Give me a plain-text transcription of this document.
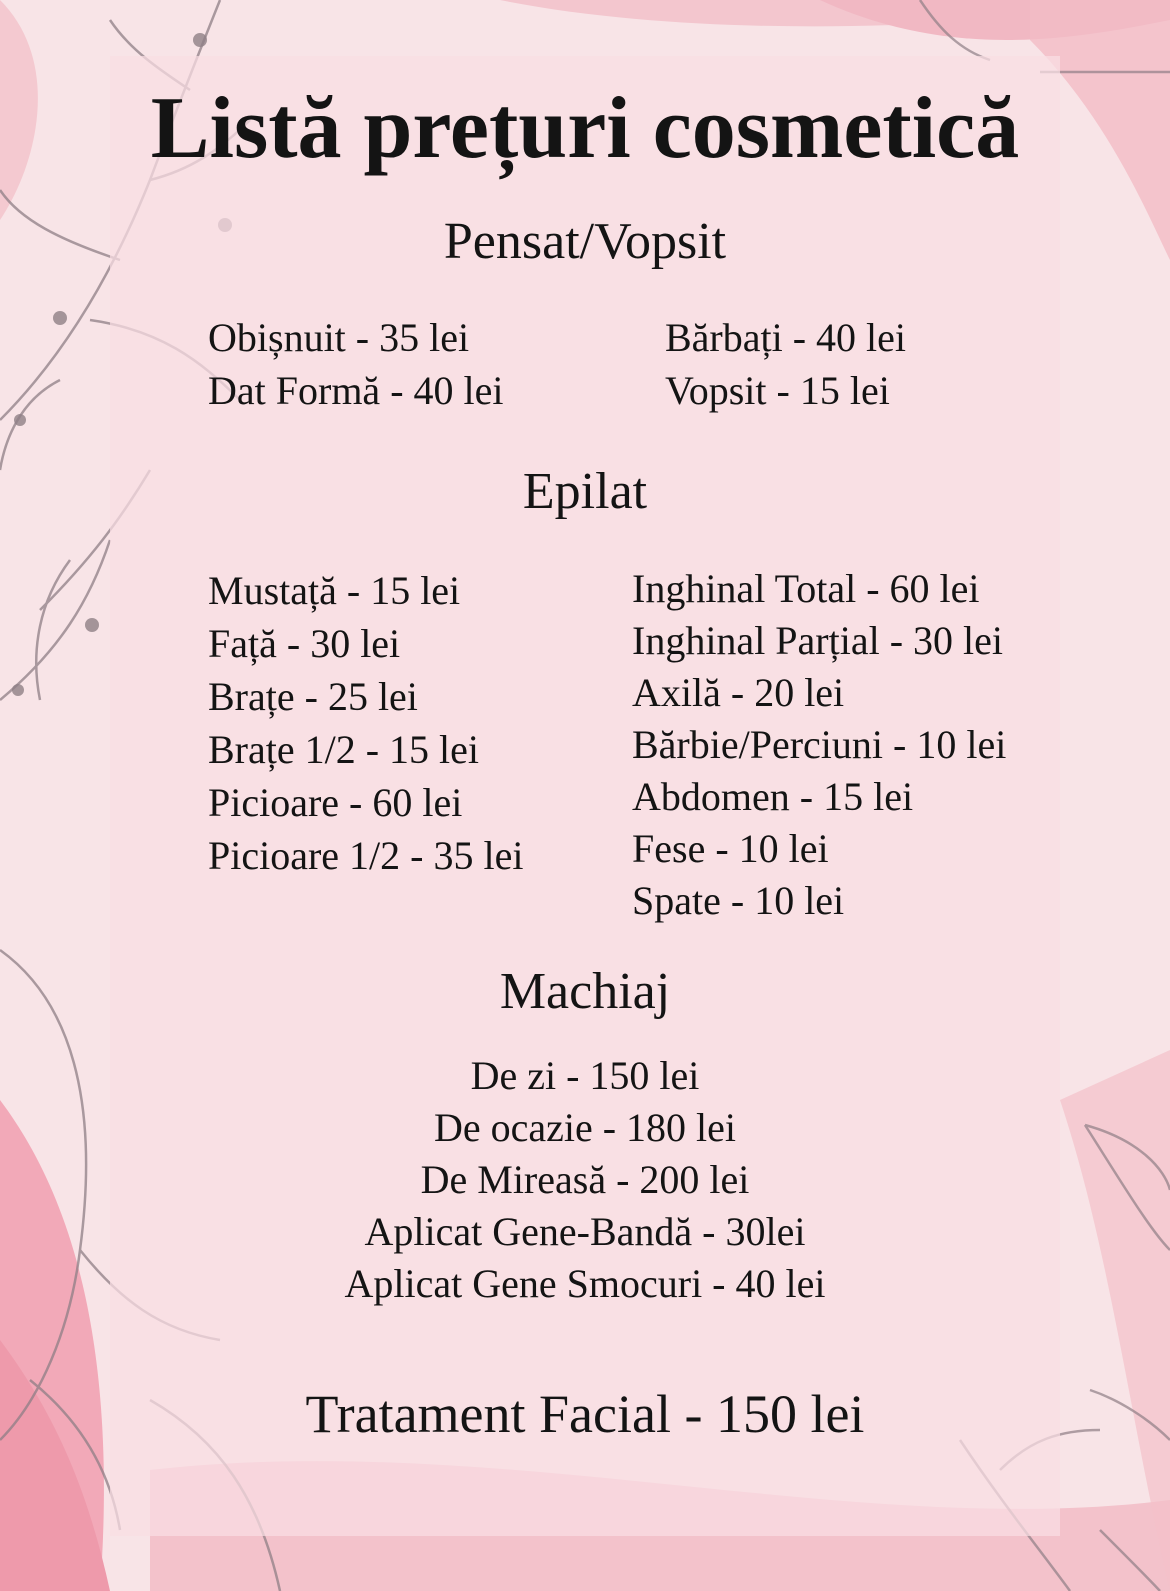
Listă prețuri cosmetică
Pensat/Vopsit
Obișnuit - 35 lei
Dat Formă - 40 lei
Bărbați - 40 lei
Vopsit - 15 lei
Epilat
Mustață - 15 lei
Față - 30 lei
Brațe - 25 lei
Brațe 1/2 - 15 lei
Picioare - 60 lei
Picioare 1/2 - 35 lei
Inghinal Total - 60 lei
Inghinal Parțial - 30 lei
Axilă - 20 lei
Bărbie/Perciuni - 10 lei
Abdomen - 15 lei
Fese - 10 lei
Spate - 10 lei
Machiaj
De zi - 150 lei
De ocazie - 180 lei
De Mireasă - 200 lei
Aplicat Gene-Bandă - 30lei
Aplicat Gene Smocuri - 40 lei

Tratament Facial - 150 lei
